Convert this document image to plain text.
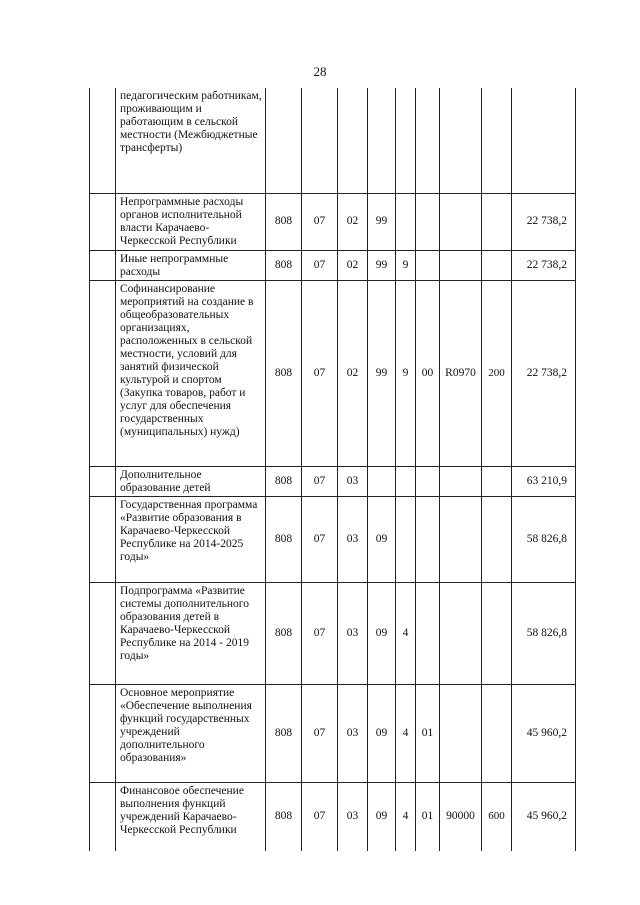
28
	педагогическим работникам, проживающим и работающим в сельской местности (Межбюджетные трансферты)									
	Непрограммные расходы органов исполнительной власти Карачаево-Черкесской Республики	808	07	02	99					22 738,2
	Иные непрограммные расходы	808	07	02	99	9				22 738,2
	Софинансирование мероприятий на создание в общеобразовательных организациях, расположенных в сельской местности, условий для занятий физической культурой и спортом (Закупка товаров, работ и услуг для обеспечения государственных (муниципальных) нужд)	808	07	02	99	9	00	R0970	200	22 738,2
	Дополнительное образование детей	808	07	03						63 210,9
	Государственная программа «Развитие образования в Карачаево-Черкесской Республике на 2014-2025 годы»	808	07	03	09					58 826,8
	Подпрограмма «Развитие системы дополнительного образования детей в Карачаево-Черкесской Республике на 2014 - 2019 годы»	808	07	03	09	4				58 826,8
	Основное мероприятие «Обеспечение выполнения функций государственных учреждений дополнительного образования»	808	07	03	09	4	01			45 960,2
	Финансовое обеспечение выполнения функций учреждений Карачаево-Черкесской Республики	808	07	03	09	4	01	90000	600	45 960,2
